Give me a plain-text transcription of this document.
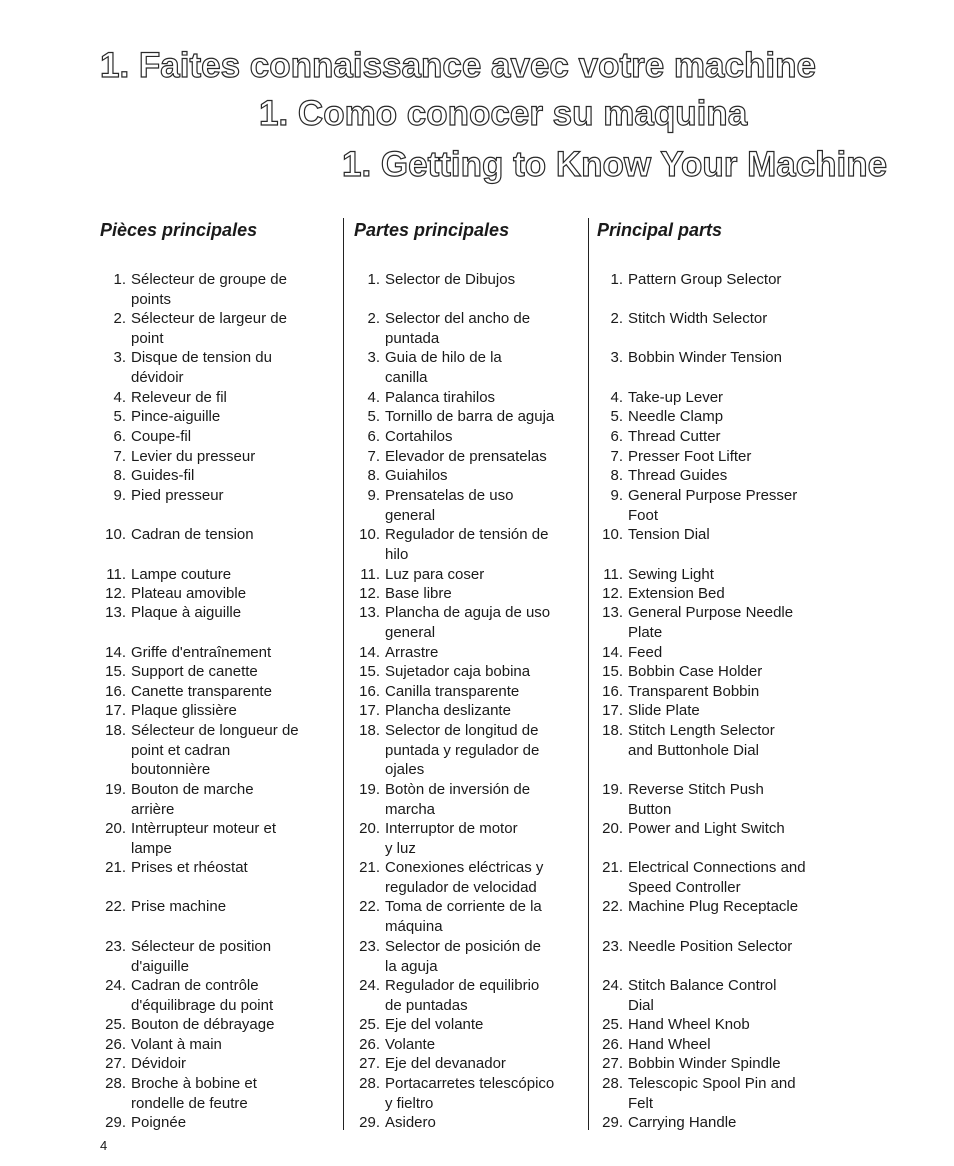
1. Faites connaissance avec votre machine
1. Como conocer su maquina
1. Getting to Know Your Machine
Pièces principales
1. Sélecteur de groupe de
points
2. Sélecteur de largeur de
point
3. Disque de tension du
dévidoir
4. Releveur de fil
5. Pince-aiguille
6. Coupe-fil
7. Levier du presseur
8. Guides-fil
9. Pied presseur
10. Cadran de tension
11. Lampe couture
12. Plateau amovible
13. Plaque à aiguille
14. Griffe d'entraînement
15. Support de canette
16. Canette transparente
17. Plaque glissière
18. Sélecteur de longueur de
point et cadran
boutonnière
19. Bouton de marche
arrière
20. Intèrrupteur moteur et
lampe
21. Prises et rhéostat
22. Prise machine
23. Sélecteur de position
d'aiguille
24. Cadran de contrôle
d'équilibrage du point
25. Bouton de débrayage
26. Volant à main
27. Dévidoir
28. Broche à bobine et
rondelle de feutre
29. Poignée
Partes principales
1. Selector de Dibujos
2. Selector del ancho de
puntada
3. Guia de hilo de la
canilla
4. Palanca tirahilos
5. Tornillo de barra de aguja
6. Cortahilos
7. Elevador de prensatelas
8. Guiahilos
9. Prensatelas de uso
general
10. Regulador de tensión de
hilo
11. Luz para coser
12. Base libre
13. Plancha de aguja de uso
general
14. Arrastre
15. Sujetador caja bobina
16. Canilla transparente
17. Plancha deslizante
18. Selector de longitud de
puntada y regulador de
ojales
19. Botòn de inversión de
marcha
20. Interruptor de motor
y luz
21. Conexiones eléctricas y
regulador de velocidad
22. Toma de corriente de la
máquina
23. Selector de posición de
la aguja
24. Regulador de equilibrio
de puntadas
25. Eje del volante
26. Volante
27. Eje del devanador
28. Portacarretes telescópico
y fieltro
29. Asidero
Principal parts
1. Pattern Group Selector
2. Stitch Width Selector
3. Bobbin Winder Tension
4. Take-up Lever
5. Needle Clamp
6. Thread Cutter
7. Presser Foot Lifter
8. Thread Guides
9. General Purpose Presser
Foot
10. Tension Dial
11. Sewing Light
12. Extension Bed
13. General Purpose Needle
Plate
14. Feed
15. Bobbin Case Holder
16. Transparent Bobbin
17. Slide Plate
18. Stitch Length Selector
and Buttonhole Dial
19. Reverse Stitch Push
Button
20. Power and Light Switch
21. Electrical Connections and
Speed Controller
22. Machine Plug Receptacle
23. Needle Position Selector
24. Stitch Balance Control
Dial
25. Hand Wheel Knob
26. Hand Wheel
27. Bobbin Winder Spindle
28. Telescopic Spool Pin and
Felt
29. Carrying Handle

4
